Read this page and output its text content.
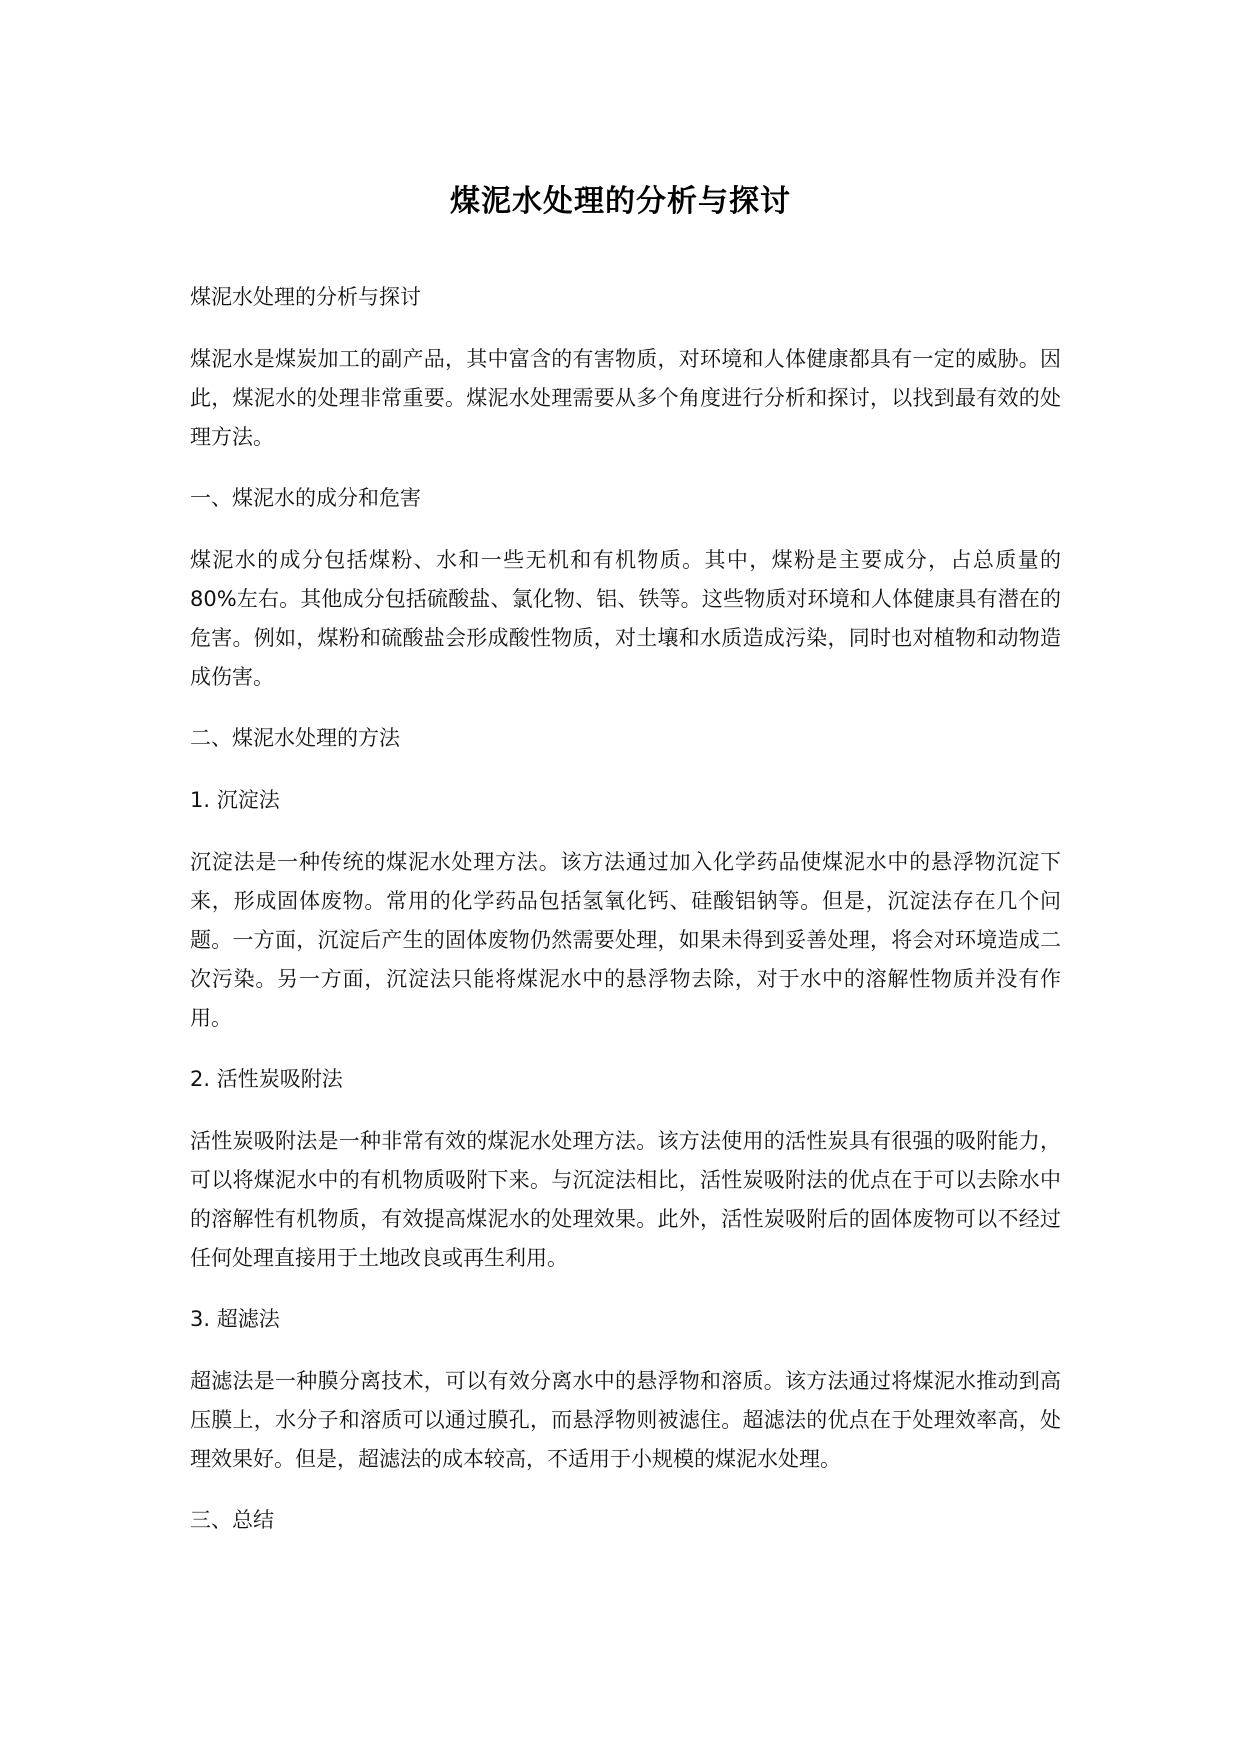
煤泥水处理的分析与探讨

煤泥水处理的分析与探讨

煤泥水是煤炭加工的副产品，其中富含的有害物质，对环境和人体健康都具有一定的威胁。因此，煤泥水的处理非常重要。煤泥水处理需要从多个角度进行分析和探讨，以找到最有效的处理方法。

一、煤泥水的成分和危害

煤泥水的成分包括煤粉、水和一些无机和有机物质。其中，煤粉是主要成分，占总质量的 80%左右。其他成分包括硫酸盐、氯化物、铝、铁等。这些物质对环境和人体健康具有潜在的危害。例如，煤粉和硫酸盐会形成酸性物质，对土壤和水质造成污染，同时也对植物和动物造成伤害。

二、煤泥水处理的方法

1. 沉淀法

沉淀法是一种传统的煤泥水处理方法。该方法通过加入化学药品使煤泥水中的悬浮物沉淀下来，形成固体废物。常用的化学药品包括氢氧化钙、硅酸铝钠等。但是，沉淀法存在几个问题。一方面，沉淀后产生的固体废物仍然需要处理，如果未得到妥善处理，将会对环境造成二次污染。另一方面，沉淀法只能将煤泥水中的悬浮物去除，对于水中的溶解性物质并没有作用。

2. 活性炭吸附法

活性炭吸附法是一种非常有效的煤泥水处理方法。该方法使用的活性炭具有很强的吸附能力，可以将煤泥水中的有机物质吸附下来。与沉淀法相比，活性炭吸附法的优点在于可以去除水中的溶解性有机物质，有效提高煤泥水的处理效果。此外，活性炭吸附后的固体废物可以不经过任何处理直接用于土地改良或再生利用。

3. 超滤法

超滤法是一种膜分离技术，可以有效分离水中的悬浮物和溶质。该方法通过将煤泥水推动到高压膜上，水分子和溶质可以通过膜孔，而悬浮物则被滤住。超滤法的优点在于处理效率高，处理效果好。但是，超滤法的成本较高，不适用于小规模的煤泥水处理。

三、总结
